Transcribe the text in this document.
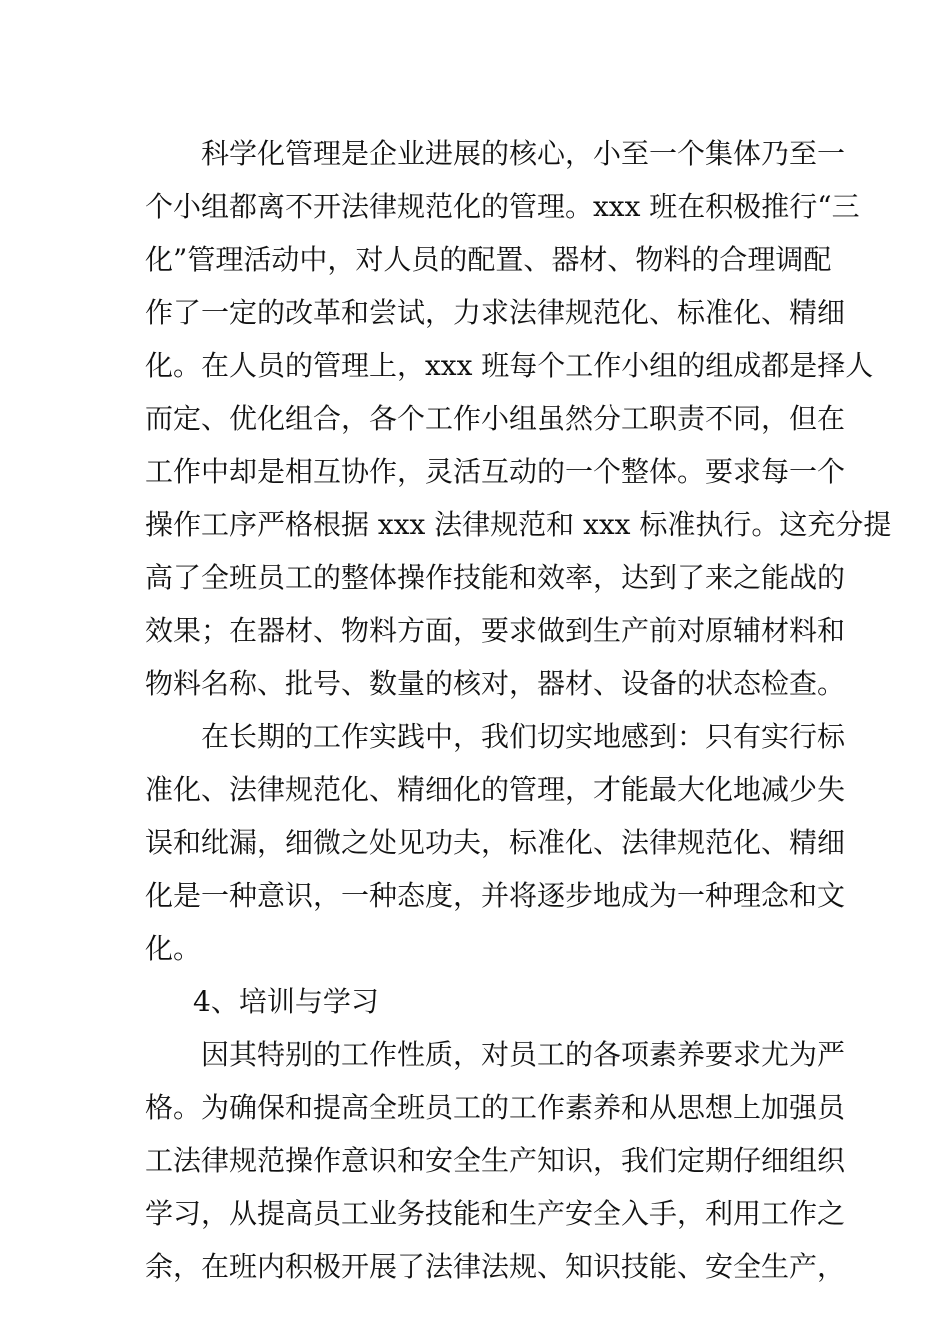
科学化管理是企业进展的核心，小至一个集体乃至一
个小组都离不开法律规范化的管理。xxx 班在积极推行“三
化”管理活动中，对人员的配置、器材、物料的合理调配
作了一定的改革和尝试，力求法律规范化、标准化、精细
化。在人员的管理上，xxx 班每个工作小组的组成都是择人
而定、优化组合，各个工作小组虽然分工职责不同，但在
工作中却是相互协作，灵活互动的一个整体。要求每一个
操作工序严格根据 xxx 法律规范和 xxx 标准执行。这充分提
高了全班员工的整体操作技能和效率，达到了来之能战的
效果；在器材、物料方面，要求做到生产前对原辅材料和
物料名称、批号、数量的核对，器材、设备的状态检查。
在长期的工作实践中，我们切实地感到：只有实行标
准化、法律规范化、精细化的管理，才能最大化地减少失
误和纰漏，细微之处见功夫，标准化、法律规范化、精细
化是一种意识，一种态度，并将逐步地成为一种理念和文
化。
4、培训与学习
因其特别的工作性质，对员工的各项素养要求尤为严
格。为确保和提高全班员工的工作素养和从思想上加强员
工法律规范操作意识和安全生产知识，我们定期仔细组织
学习，从提高员工业务技能和生产安全入手，利用工作之
余，在班内积极开展了法律法规、知识技能、安全生产，
